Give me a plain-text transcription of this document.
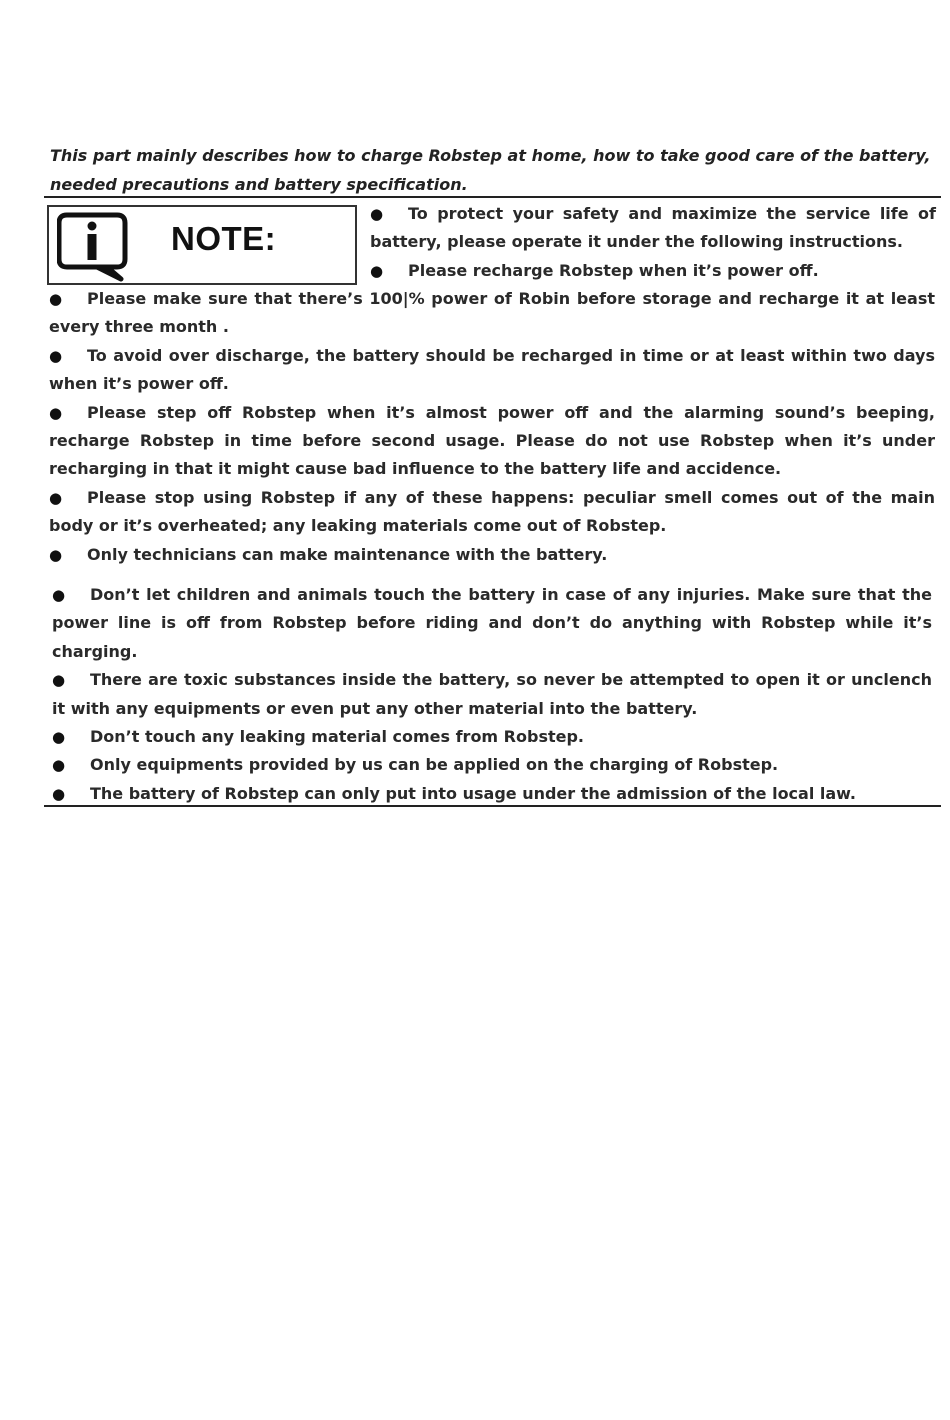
This part mainly describes how to charge Robstep at home, how to take good care of the battery,
needed precautions and battery specification.
NOTE:
● To protect your safety and maximize the service life of battery, please operate it under the following instructions.
● Please recharge Robstep when it’s power off.
● Please make sure that there’s 100|% power of Robin before storage and recharge it at least every three month .
● To avoid over discharge, the battery should be recharged in time or at least within two days when it’s power off.
● Please step off Robstep when it’s almost power off and the alarming sound’s beeping, recharge Robstep in time before second usage. Please do not use Robstep when it’s under recharging in that it might cause bad influence to the battery life and accidence.
● Please stop using Robstep if any of these happens: peculiar smell comes out of the main body or it’s overheated; any leaking materials come out of Robstep.
● Only technicians can make maintenance with the battery.
● Don’t let children and animals touch the battery in case of any injuries. Make sure that the power line is off from Robstep before riding and don’t do anything with Robstep while it’s charging.
● There are toxic substances inside the battery, so never be attempted to open it or unclench it with any equipments or even put any other material into the battery.
● Don’t touch any leaking material comes from Robstep.
● Only equipments provided by us can be applied on the charging of Robstep.
● The battery of Robstep can only put into usage under the admission of the local law.
